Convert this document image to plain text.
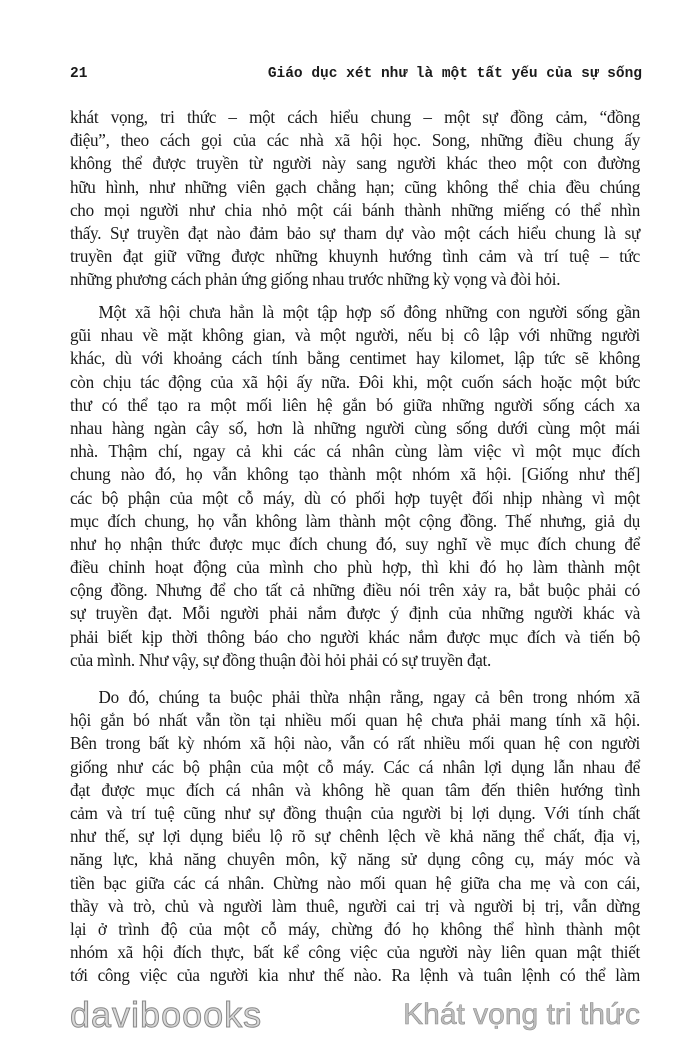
21	Giáo dục xét như là một tất yếu của sự sống
khát vọng, tri thức – một cách hiểu chung – một sự đồng cảm, “đồng
điệu”, theo cách gọi của các nhà xã hội học. Song, những điều chung ấy
không thể được truyền từ người này sang người khác theo một con đường
hữu hình, như những viên gạch chẳng hạn; cũng không thể chia đều chúng
cho mọi người như chia nhỏ một cái bánh thành những miếng có thể nhìn
thấy. Sự truyền đạt nào đảm bảo sự tham dự vào một cách hiểu chung là sự
truyền đạt giữ vững được những khuynh hướng tình cảm và trí tuệ – tức
những phương cách phản ứng giống nhau trước những kỳ vọng và đòi hỏi.
Một xã hội chưa hẳn là một tập hợp số đông những con người sống gần
gũi nhau về mặt không gian, và một người, nếu bị cô lập với những người
khác, dù với khoảng cách tính bằng centimet hay kilomet, lập tức sẽ không
còn chịu tác động của xã hội ấy nữa. Đôi khi, một cuốn sách hoặc một bức
thư có thể tạo ra một mối liên hệ gắn bó giữa những người sống cách xa
nhau hàng ngàn cây số, hơn là những người cùng sống dưới cùng một mái
nhà. Thậm chí, ngay cả khi các cá nhân cùng làm việc vì một mục đích
chung nào đó, họ vẫn không tạo thành một nhóm xã hội. [Giống như thế]
các bộ phận của một cỗ máy, dù có phối hợp tuyệt đối nhịp nhàng vì một
mục đích chung, họ vẫn không làm thành một cộng đồng. Thế nhưng, giả dụ
như họ nhận thức được mục đích chung đó, suy nghĩ về mục đích chung để
điều chỉnh hoạt động của mình cho phù hợp, thì khi đó họ làm thành một
cộng đồng. Nhưng để cho tất cả những điều nói trên xảy ra, bắt buộc phải có
sự truyền đạt. Mỗi người phải nắm được ý định của những người khác và
phải biết kịp thời thông báo cho người khác nắm được mục đích và tiến bộ
của mình. Như vậy, sự đồng thuận đòi hỏi phải có sự truyền đạt.
Do đó, chúng ta buộc phải thừa nhận rằng, ngay cả bên trong nhóm xã
hội gắn bó nhất vẫn tồn tại nhiều mối quan hệ chưa phải mang tính xã hội.
Bên trong bất kỳ nhóm xã hội nào, vẫn có rất nhiều mối quan hệ con người
giống như các bộ phận của một cỗ máy. Các cá nhân lợi dụng lẫn nhau để
đạt được mục đích cá nhân và không hề quan tâm đến thiên hướng tình
cảm và trí tuệ cũng như sự đồng thuận của người bị lợi dụng. Với tính chất
như thế, sự lợi dụng biểu lộ rõ sự chênh lệch về khả năng thể chất, địa vị,
năng lực, khả năng chuyên môn, kỹ năng sử dụng công cụ, máy móc và
tiền bạc giữa các cá nhân. Chừng nào mối quan hệ giữa cha mẹ và con cái,
thầy và trò, chủ và người làm thuê, người cai trị và người bị trị, vẫn dừng
lại ở trình độ của một cỗ máy, chừng đó họ không thể hình thành một
nhóm xã hội đích thực, bất kể công việc của người này liên quan mật thiết
tới công việc của người kia như thế nào. Ra lệnh và tuân lệnh có thể làm
daviboooks	Khát vọng tri thức
